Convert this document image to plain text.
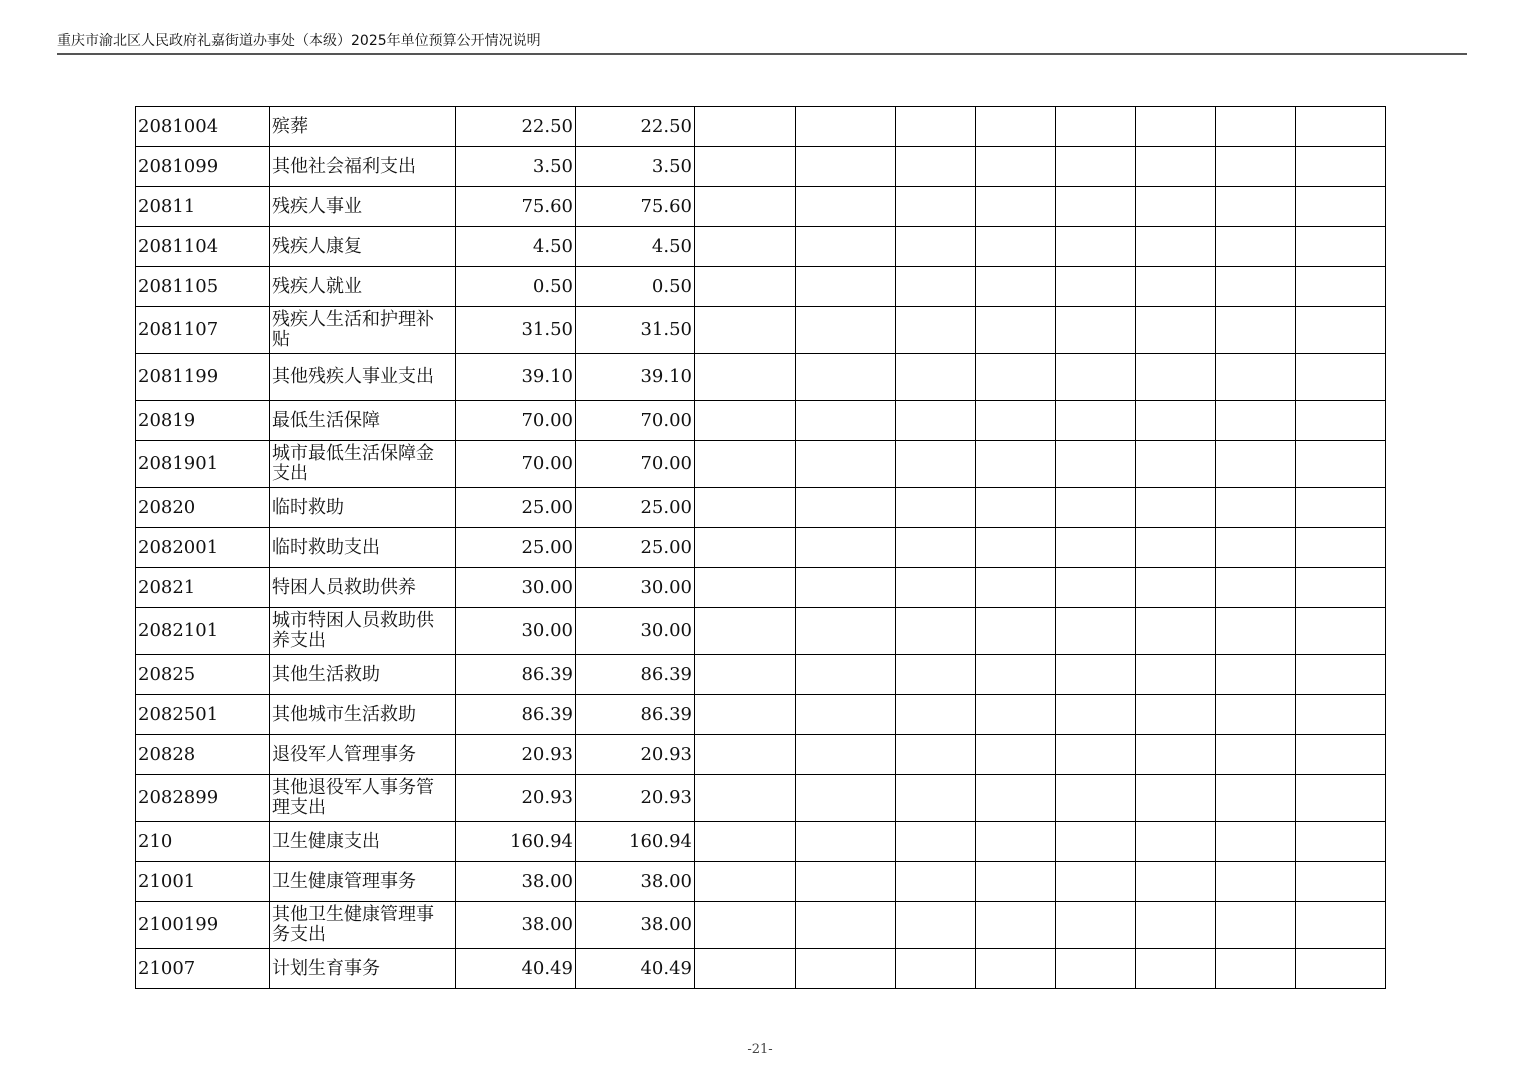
重庆市渝北区人民政府礼嘉街道办事处（本级）2025年单位预算公开情况说明
2081004	殡葬	22.50	22.50								
2081099	其他社会福利支出	3.50	3.50								
20811	残疾人事业	75.60	75.60								
2081104	残疾人康复	4.50	4.50								
2081105	残疾人就业	0.50	0.50								
2081107	残疾人生活和护理补贴	31.50	31.50								
2081199	其他残疾人事业支出	39.10	39.10								
20819	最低生活保障	70.00	70.00								
2081901	城市最低生活保障金支出	70.00	70.00								
20820	临时救助	25.00	25.00								
2082001	临时救助支出	25.00	25.00								
20821	特困人员救助供养	30.00	30.00								
2082101	城市特困人员救助供养支出	30.00	30.00								
20825	其他生活救助	86.39	86.39								
2082501	其他城市生活救助	86.39	86.39								
20828	退役军人管理事务	20.93	20.93								
2082899	其他退役军人事务管理支出	20.93	20.93								
210	卫生健康支出	160.94	160.94								
21001	卫生健康管理事务	38.00	38.00								
2100199	其他卫生健康管理事务支出	38.00	38.00								
21007	计划生育事务	40.49	40.49								
-21-
